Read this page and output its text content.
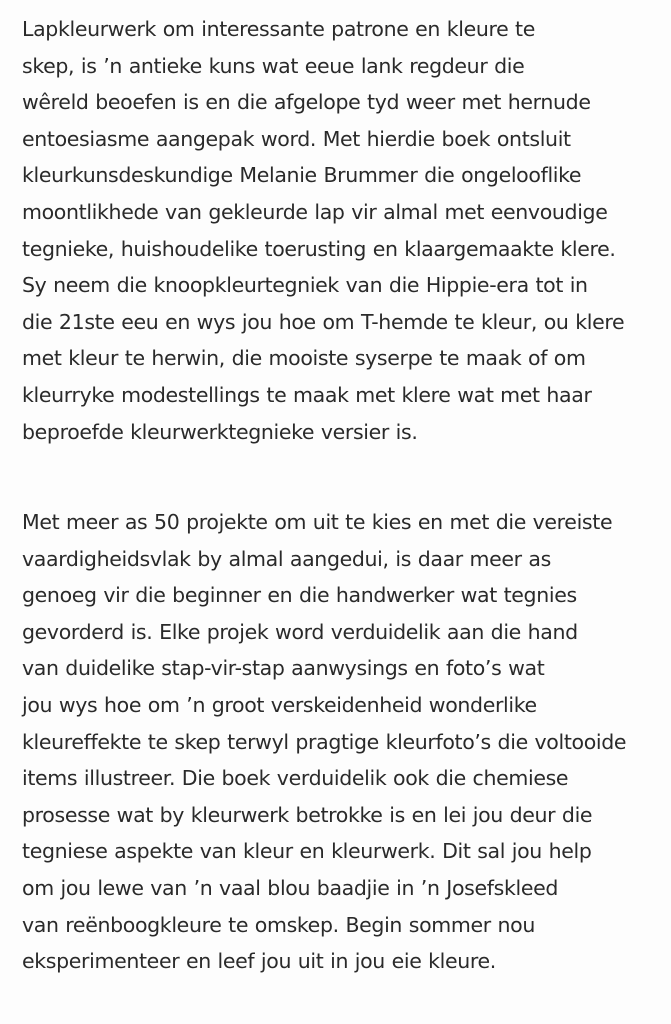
Lapkleurwerk om interessante patrone en kleure te
skep, is ’n antieke kuns wat eeue lank regdeur die
wêreld beoefen is en die afgelope tyd weer met hernude
entoesiasme aangepak word. Met hierdie boek ontsluit
kleurkunsdeskundige Melanie Brummer die ongelooflike
moontlikhede van gekleurde lap vir almal met eenvoudige
tegnieke, huishoudelike toerusting en klaargemaakte klere.
Sy neem die knoopkleurtegniek van die Hippie-era tot in
die 21ste eeu en wys jou hoe om T-hemde te kleur, ou klere
met kleur te herwin, die mooiste syserpe te maak of om
kleurryke modestellings te maak met klere wat met haar
beproefde kleurwerktegnieke versier is.

Met meer as 50 projekte om uit te kies en met die vereiste
vaardigheidsvlak by almal aangedui, is daar meer as
genoeg vir die beginner en die handwerker wat tegnies
gevorderd is. Elke projek word verduidelik aan die hand
van duidelike stap-vir-stap aanwysings en foto’s wat
jou wys hoe om ’n groot verskeidenheid wonderlike
kleureffekte te skep terwyl pragtige kleurfoto’s die voltooide
items illustreer. Die boek verduidelik ook die chemiese
prosesse wat by kleurwerk betrokke is en lei jou deur die
tegniese aspekte van kleur en kleurwerk. Dit sal jou help
om jou lewe van ’n vaal blou baadjie in ’n Josefskleed
van reënboogkleure te omskep. Begin sommer nou
eksperimenteer en leef jou uit in jou eie kleure.
